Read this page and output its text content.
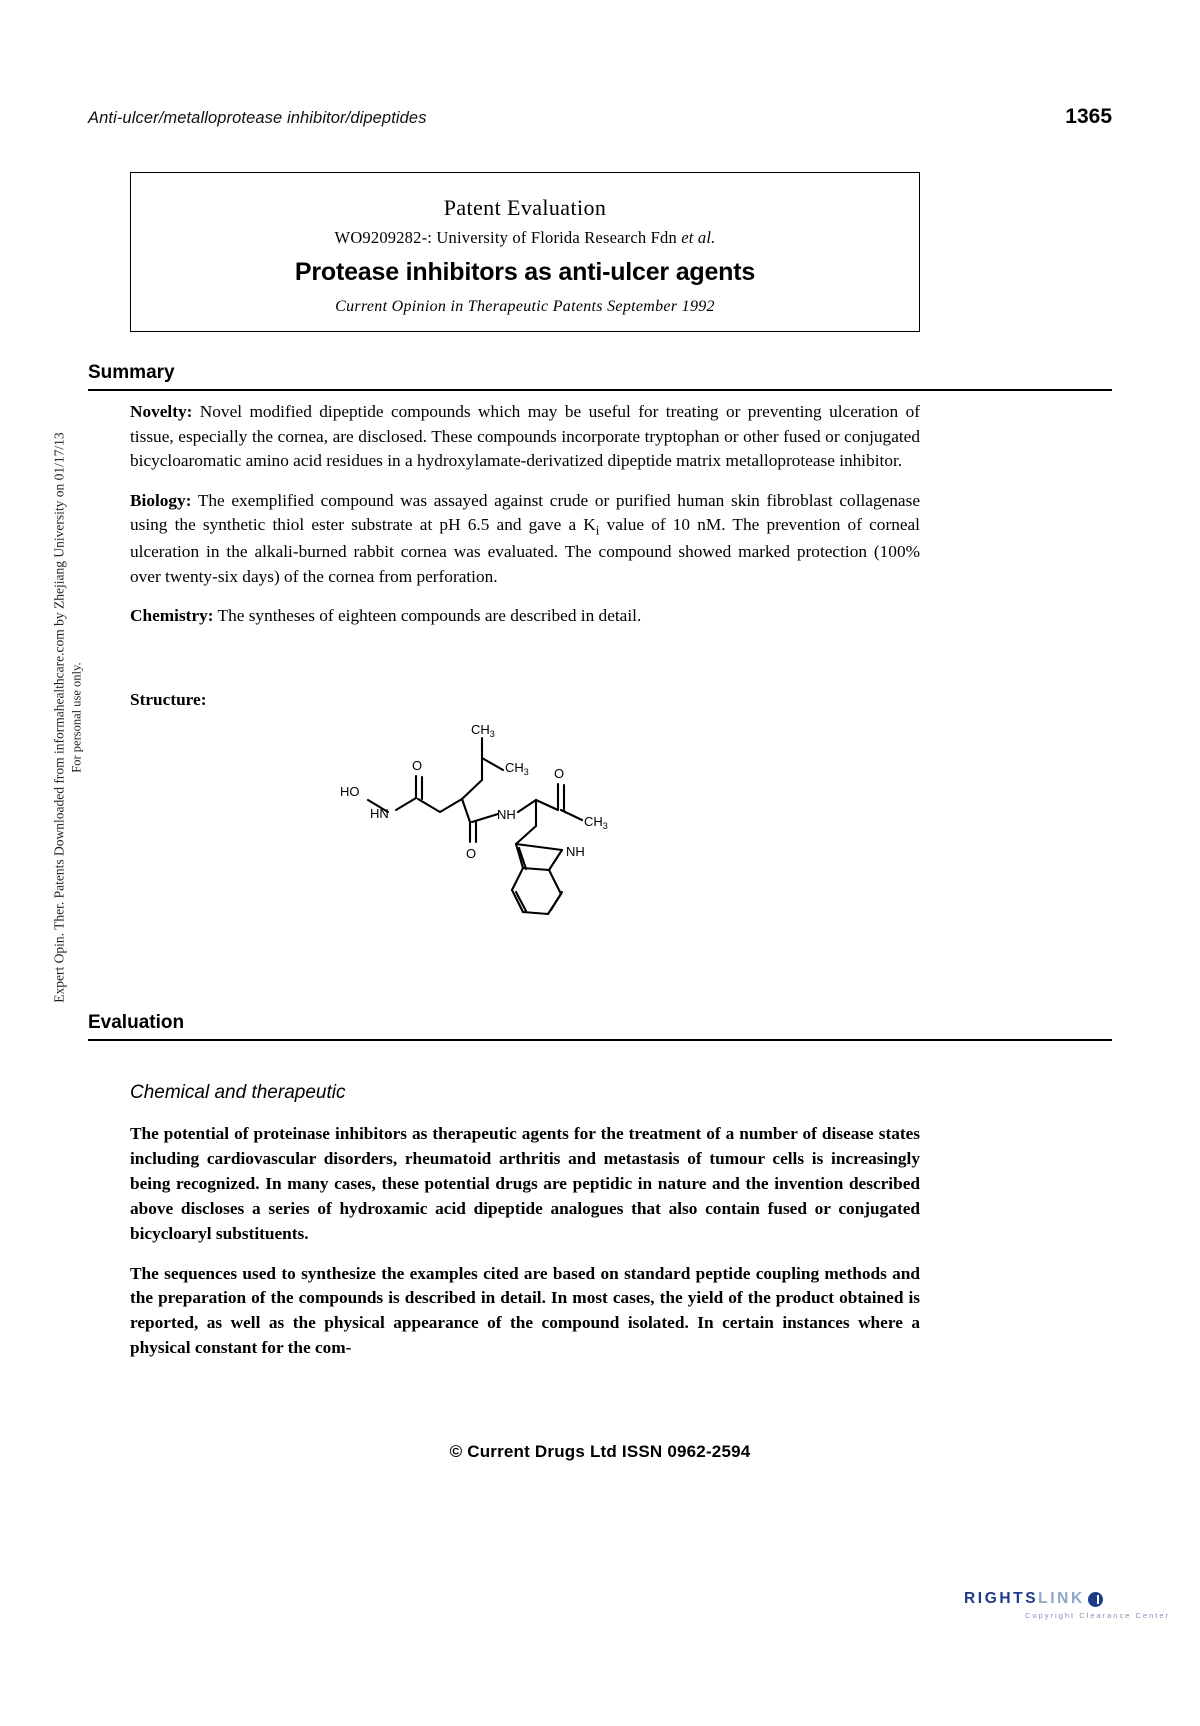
Anti-ulcer/metalloprotease inhibitor/dipeptides	1365
Patent Evaluation
WO9209282-: University of Florida Research Fdn et al.
Protease inhibitors as anti-ulcer agents
Current Opinion in Therapeutic Patents September 1992
Summary

Novelty: Novel modified dipeptide compounds which may be useful for treating or preventing ulceration of tissue, especially the cornea, are disclosed. These compounds incorporate tryptophan or other fused or conjugated bicycloaromatic amino acid residues in a hydroxylamate-derivatized dipeptide matrix metalloprotease inhibitor.

Biology: The exemplified compound was assayed against crude or purified human skin fibroblast collagenase using the synthetic thiol ester substrate at pH 6.5 and gave a $K_i$ value of 10 nM. The prevention of corneal ulceration in the alkali-burned rabbit cornea was evaluated. The compound showed marked protection (100% over twenty-six days) of the cornea from perforation.

Chemistry: The syntheses of eighteen compounds are described in detail.

Structure:
HO
HN
O
O
O
$CH_3$
$CH_3$
NH	$CH_3$
NH
Evaluation
Chemical and therapeutic

The potential of proteinase inhibitors as therapeutic agents for the treatment of a number of disease states including cardiovascular disorders, rheumatoid arthritis and metastasis of tumour cells is increasingly being recognized. In many cases, these potential drugs are peptidic in nature and the invention described above discloses a series of hydroxamic acid dipeptide analogues that also contain fused or conjugated bicycloaryl substituents.

The sequences used to synthesize the examples cited are based on standard peptide coupling methods and the preparation of the compounds is described in detail. In most cases, the yield of the product obtained is reported, as well as the physical appearance of the compound isolated. In certain instances where a physical constant for the com-

© Current Drugs Ltd ISSN 0962-2594
Expert Opin. Ther. Patents Downloaded from informahealthcare.com by Zhejiang University on 01/17/13 For personal use only.
RIGHTS LINK
Copyright Clearance Center
